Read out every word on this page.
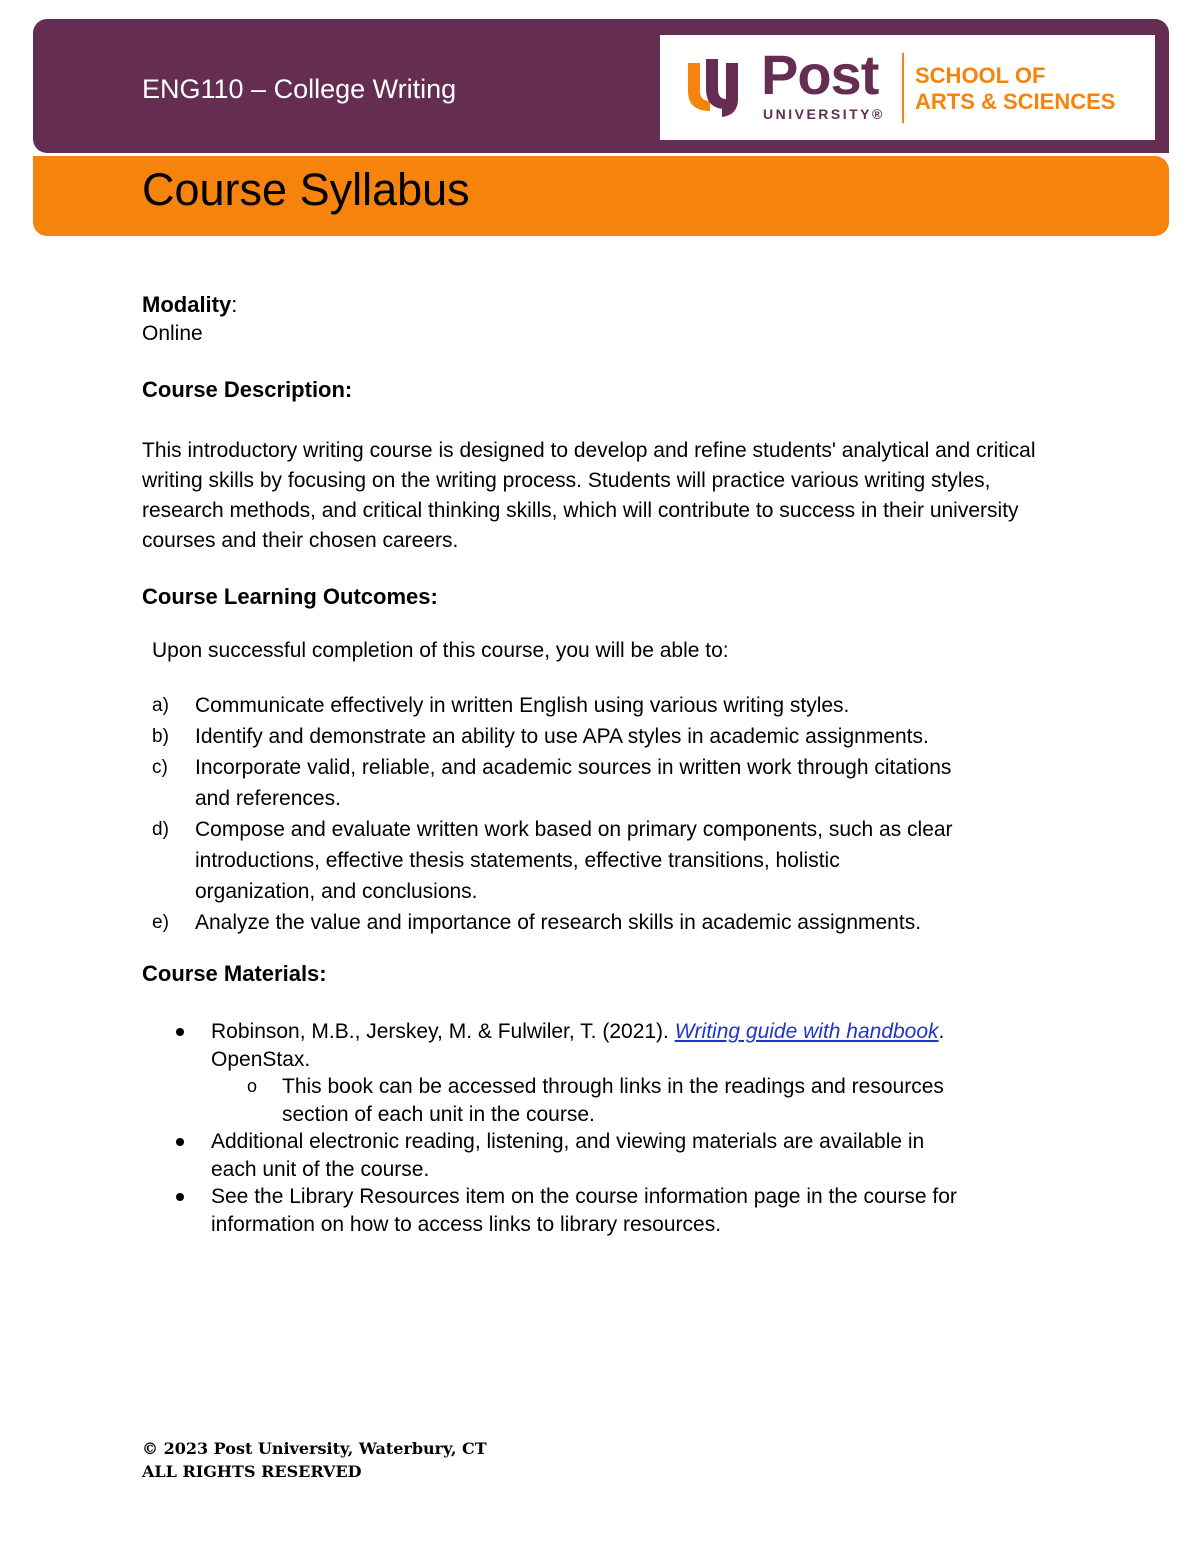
ENG110 – College Writing	Post
UNIVERSITY®
SCHOOL OF
ARTS & SCIENCES
Course Syllabus
Modality:
Online
Course Description:
This introductory writing course is designed to develop and refine students' analytical and critical writing skills by focusing on the writing process. Students will practice various writing styles, research methods, and critical thinking skills, which will contribute to success in their university courses and their chosen careers.
Course Learning Outcomes:
Upon successful completion of this course, you will be able to:
a) Communicate effectively in written English using various writing styles.
b) Identify and demonstrate an ability to use APA styles in academic assignments.
c) Incorporate valid, reliable, and academic sources in written work through citations
and references.
d) Compose and evaluate written work based on primary components, such as clear
introductions, effective thesis statements, effective transitions, holistic
organization, and conclusions.
e) Analyze the value and importance of research skills in academic assignments.
Course Materials:
Robinson, M.B., Jerskey, M. & Fulwiler, T. (2021). Writing guide with handbook.
OpenStax.
o This book can be accessed through links in the readings and resources
section of each unit in the course.
Additional electronic reading, listening, and viewing materials are available in
each unit of the course.
See the Library Resources item on the course information page in the course for
information on how to access links to library resources.
© 2023 Post University, Waterbury, CT
ALL RIGHTS RESERVED
